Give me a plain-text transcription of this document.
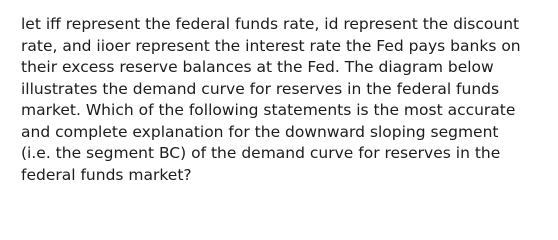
let iff represent the federal funds rate, id represent the discount
rate, and iioer represent the interest rate the Fed pays banks on
their excess reserve balances at the Fed. The diagram below
illustrates the demand curve for reserves in the federal funds
market. Which of the following statements is the most accurate
and complete explanation for the downward sloping segment
(i.e. the segment BC) of the demand curve for reserves in the
federal funds market?
